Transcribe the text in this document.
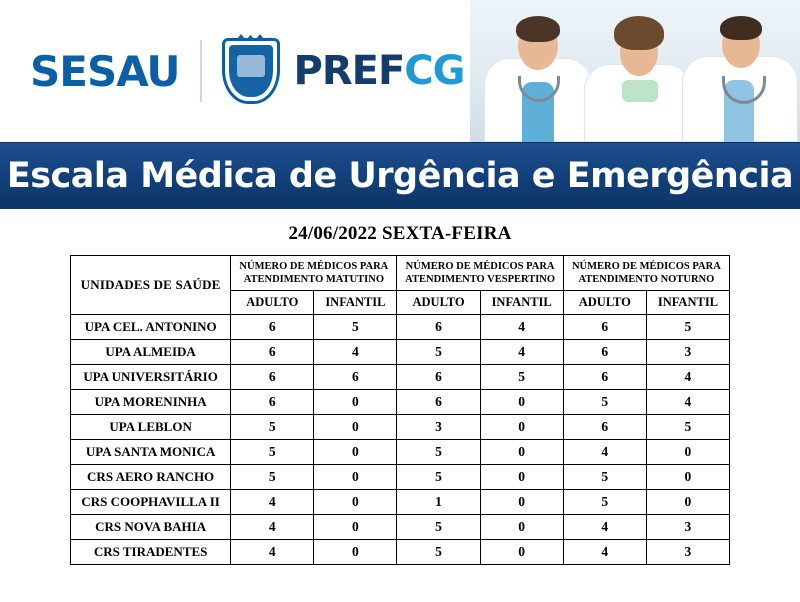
SESAU	PREFCG
Escala Médica de Urgência e Emergência
24/06/2022 SEXTA-FEIRA
UNIDADES DE SAÚDE	NÚMERO DE MÉDICOS PARA ATENDIMENTO MATUTINO		NÚMERO DE MÉDICOS PARA ATENDIMENTO VESPERTINO		NÚMERO DE MÉDICOS PARA ATENDIMENTO NOTURNO	
	ADULTO	INFANTIL	ADULTO	INFANTIL	ADULTO	INFANTIL
UPA CEL. ANTONINO	6	5	6	4	6	5
UPA ALMEIDA	6	4	5	4	6	3
UPA UNIVERSITÁRIO	6	6	6	5	6	4
UPA MORENINHA	6	0	6	0	5	4
UPA LEBLON	5	0	3	0	6	5
UPA SANTA MONICA	5	0	5	0	4	0
CRS AERO RANCHO	5	0	5	0	5	0
CRS COOPHAVILLA II	4	0	1	0	5	0
CRS NOVA BAHIA	4	0	5	0	4	3
CRS TIRADENTES	4	0	5	0	4	3
